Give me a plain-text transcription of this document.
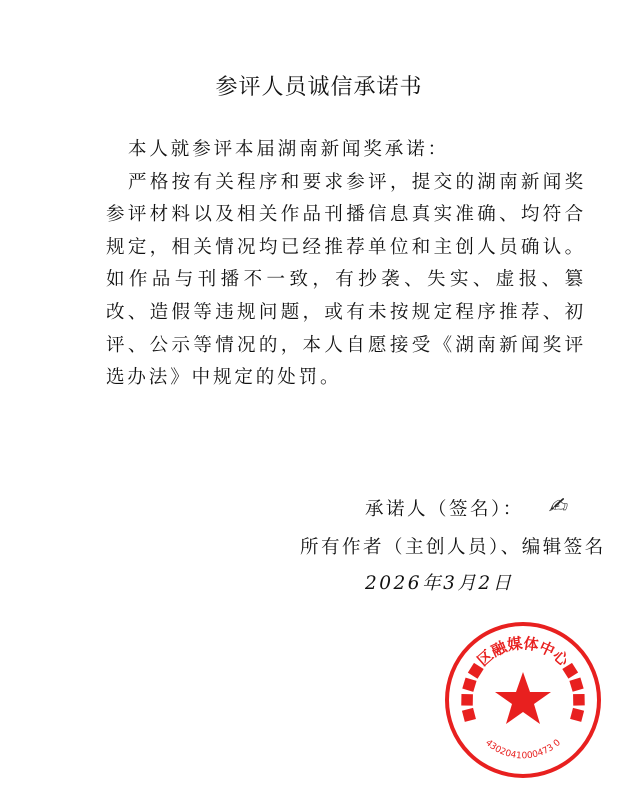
参评人员诚信承诺书

本人就参评本届湖南新闻奖承诺：

严格按有关程序和要求参评，提交的湖南新闻奖参评材料以及相关作品刊播信息真实准确、均符合规定，相关情况均已经推荐单位和主创人员确认。如作品与刊播不一致，有抄袭、失实、虚报、篡改、造假等违规问题，或有未按规定程序推荐、初评、公示等情况的，本人自愿接受《湖南新闻奖评选办法》中规定的处罚。

承诺人（签名）： ✍︎
所有作者（主创人员）、编辑签名
2026年3月2日
■■■■区融媒体中心■■■■
4302041000473 0
